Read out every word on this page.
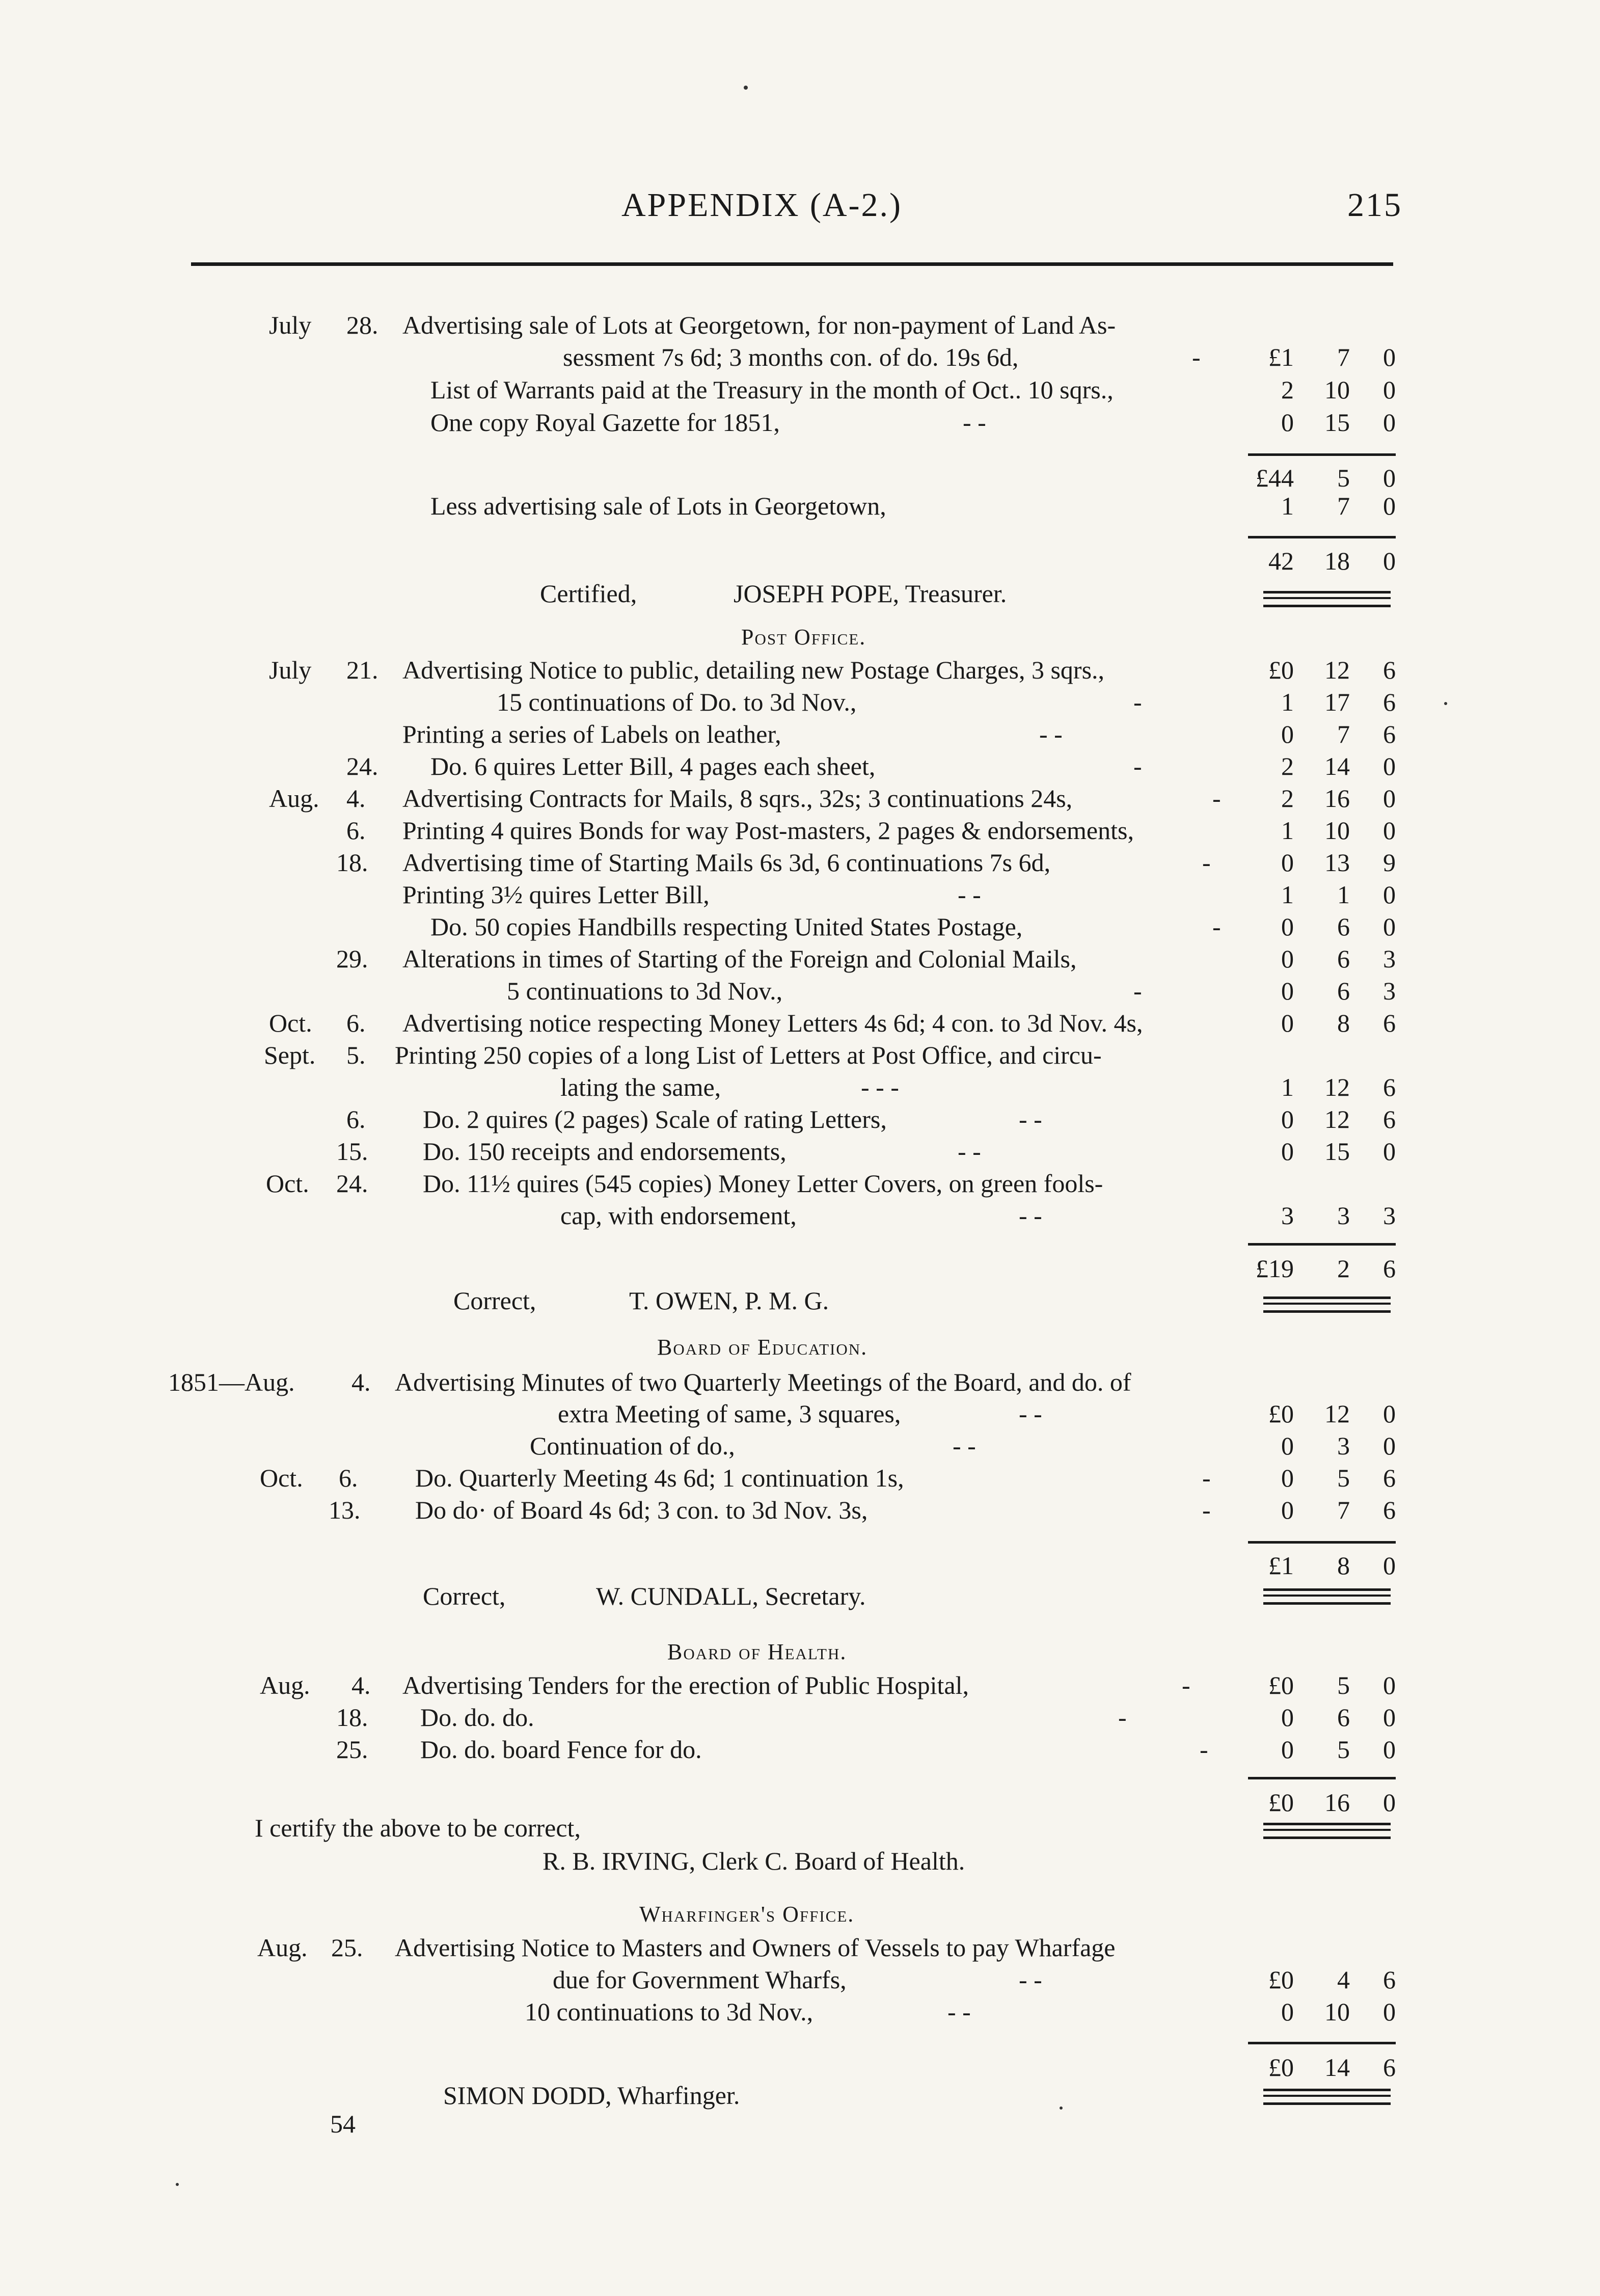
APPENDIX (A-2.)	215
July 28. Advertising sale of Lots at Georgetown, for non-payment of Land As-
sessment 7s 6d; 3 months con. of do. 19s 6d,	-	£1 7 0
List of Warrants paid at the Treasury in the month of Oct.. 10 sqrs.,	2 10 0
One copy Royal Gazette for 1851,	- -	0 15 0
£44 5 0
Less advertising sale of Lots in Georgetown,	1 7 0
42 18 0
Certified,	JOSEPH POPE, Treasurer.
Post Office.
July 21. Advertising Notice to public, detailing new Postage Charges, 3 sqrs.,	£0 12 6
15 continuations of Do. to 3d Nov.,	-	1 17 6
Printing a series of Labels on leather,	- -	0 7 6
24. Do. 6 quires Letter Bill, 4 pages each sheet,	-	2 14 0
Aug. 4. Advertising Contracts for Mails, 8 sqrs., 32s; 3 continuations 24s,	- 2 16 0
6. Printing 4 quires Bonds for way Post-masters, 2 pages & endorsements,	1 10 0
18. Advertising time of Starting Mails 6s 3d, 6 continuations 7s 6d,	-	0 13 9
Printing 3½ quires Letter Bill,	- -	1 1 0
Do. 50 copies Handbills respecting United States Postage,	- 0 6 0
29. Alterations in times of Starting of the Foreign and Colonial Mails,	0 6 3
5 continuations to 3d Nov.,	-	0 6 3
Oct. 6. Advertising notice respecting Money Letters 4s 6d; 4 con. to 3d Nov. 4s,	0 8 6
Sept. 5. Printing 250 copies of a long List of Letters at Post Office, and circu-
lating the same,	- - -	1 12 6
6. Do. 2 quires (2 pages) Scale of rating Letters,	- -	0 12 6
15. Do. 150 receipts and endorsements,	- -	0 15 0
Oct. 24. Do. 11½ quires (545 copies) Money Letter Covers, on green fools-
cap, with endorsement,	- -	3 3 3
£19 2 6
Correct,	T. OWEN, P. M. G.
Board of Education.
1851—Aug. 4. Advertising Minutes of two Quarterly Meetings of the Board, and do. of
extra Meeting of same, 3 squares,	- -	£0 12 0
Continuation of do.,	- -	0 3 0
Oct. 6. Do. Quarterly Meeting 4s 6d; 1 continuation 1s,	-	0 5 6
13. Do do· of Board 4s 6d; 3 con. to 3d Nov. 3s,	-	0 7 6
£1 8 0
Correct,	W. CUNDALL, Secretary.
Board of Health.
Aug. 4. Advertising Tenders for the erection of Public Hospital,	-	£0 5 0
18. Do. do. do.	-	0 6 0
25. Do. do. board Fence for do.	-	0 5 0
£0 16 0
I certify the above to be correct,
R. B. IRVING, Clerk C. Board of Health.
Wharfinger's Office.
Aug. 25. Advertising Notice to Masters and Owners of Vessels to pay Wharfage
due for Government Wharfs,	- -	£0 4 6
10 continuations to 3d Nov.,	- -	0 10 0
£0 14 6
SIMON DODD, Wharfinger.
54
